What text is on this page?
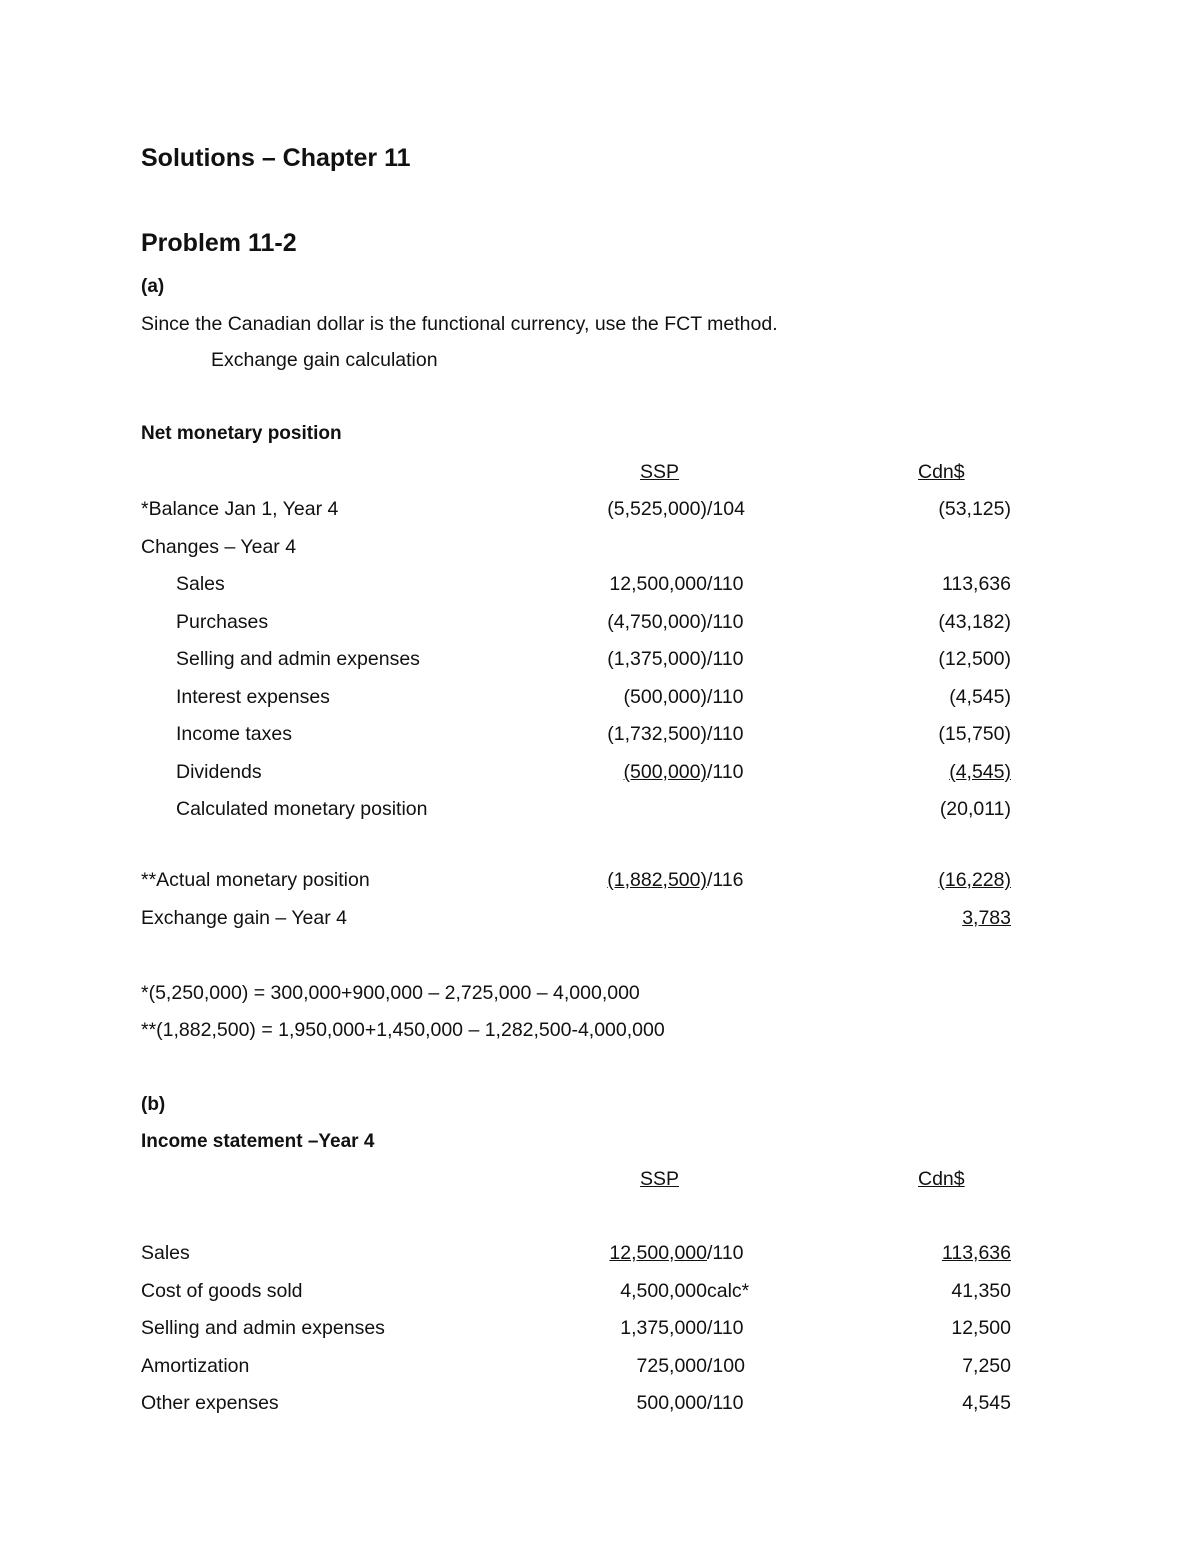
Solutions – Chapter 11
Problem 11-2
(a)
Since the Canadian dollar is the functional currency, use the FCT method.
Exchange gain calculation
Net monetary position
SSP	Cdn$
*Balance Jan 1, Year 4	(5,525,000) /104	(53,125)
Changes – Year 4
Sales	12,500,000 /110	113,636
Purchases	(4,750,000) /110	(43,182)
Selling and admin expenses	(1,375,000) /110	(12,500)
Interest expenses	(500,000) /110	(4,545)
Income taxes	(1,732,500) /110	(15,750)
Dividends	(500,000) /110	(4,545)
Calculated monetary position	(20,011)
**Actual monetary position	(1,882,500) /116	(16,228)
Exchange gain – Year 4	3,783
*(5,250,000) = 300,000+900,000 – 2,725,000 – 4,000,000
**(1,882,500) = 1,950,000+1,450,000 – 1,282,500-4,000,000
(b)
Income statement –Year 4
SSP	Cdn$
Sales	12,500,000 /110	113,636
Cost of goods sold	4,500,000 calc*	41,350
Selling and admin expenses	1,375,000 /110	12,500
Amortization	725,000 /100	7,250
Other expenses	500,000 /110	4,545
